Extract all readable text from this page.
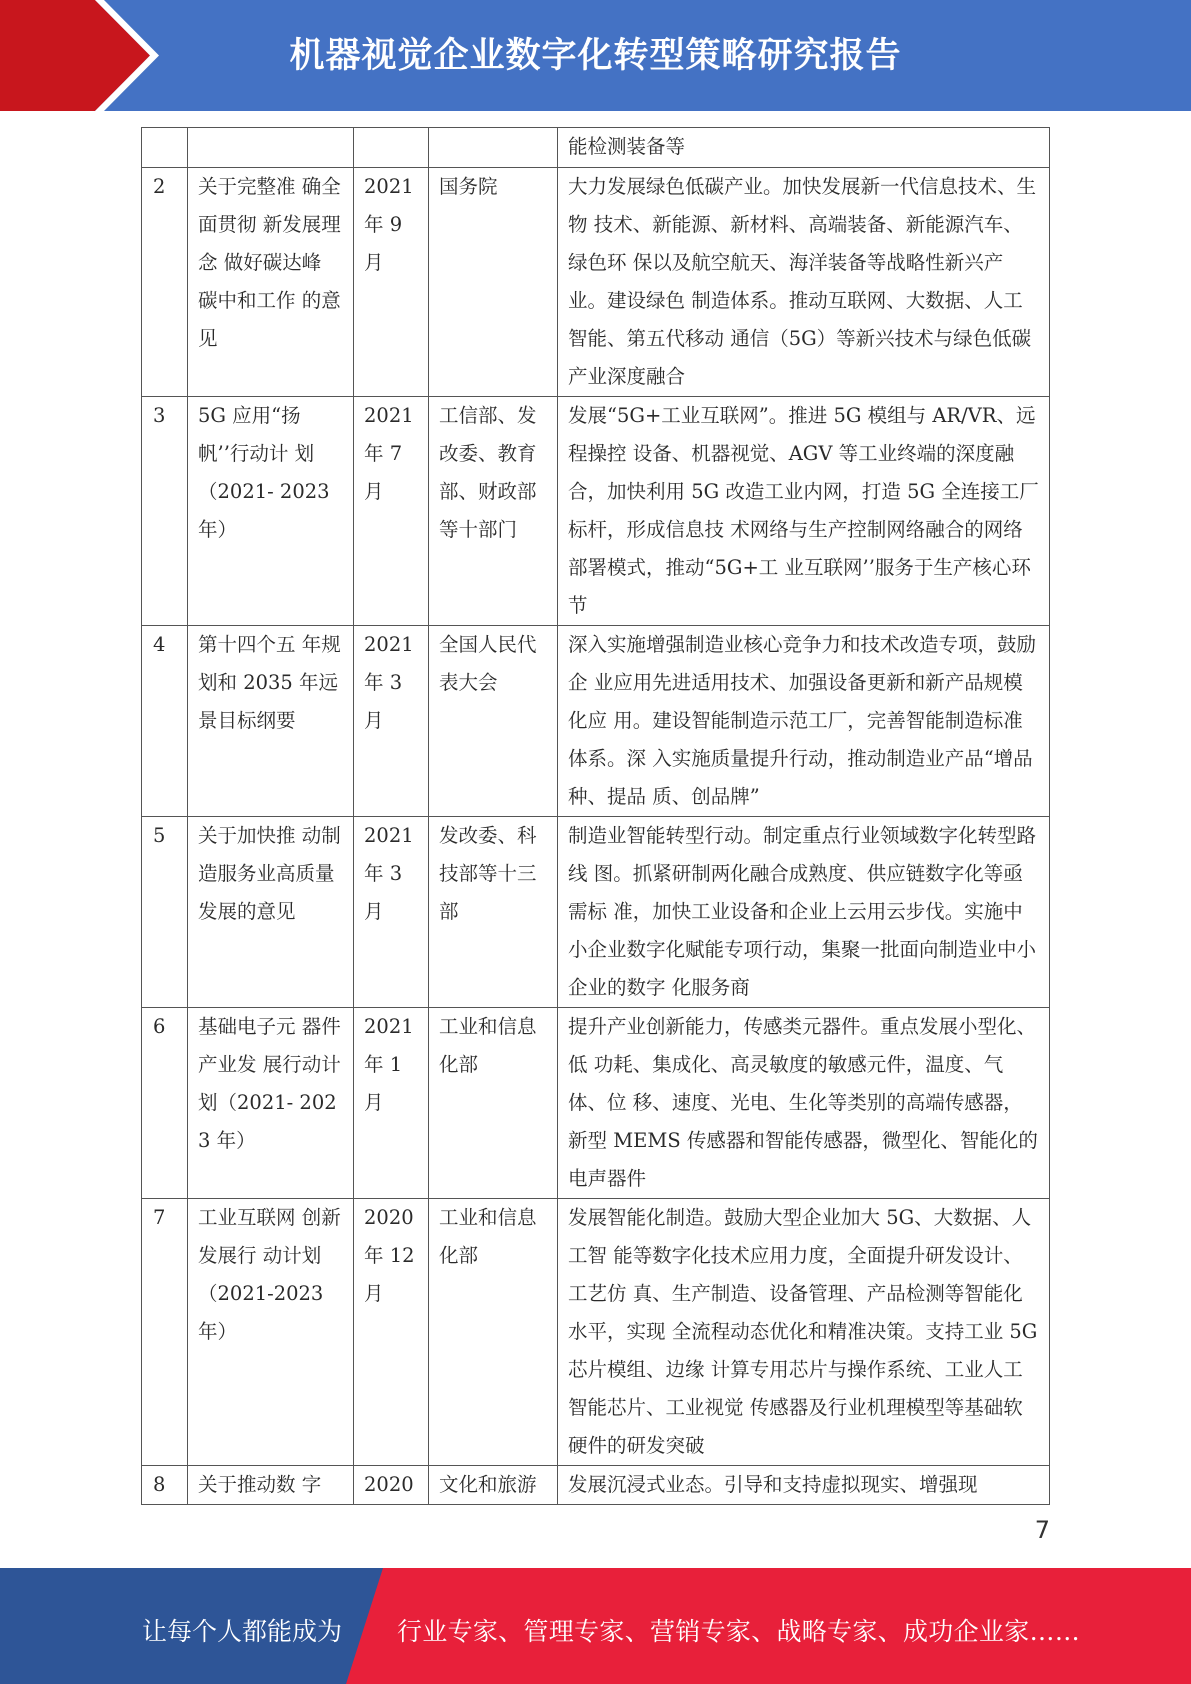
机器视觉企业数字化转型策略研究报告
				能检测装备等
2	关于完整准 确全面贯彻 新发展理念 做好碳达峰 碳中和工作 的意见	2021 年 9 月	国务院	大力发展绿色低碳产业。加快发展新一代信息技术、生物 技术、新能源、新材料、高端装备、新能源汽车、绿色环 保以及航空航天、海洋装备等战略性新兴产业。建设绿色 制造体系。推动互联网、大数据、人工智能、第五代移动 通信（5G）等新兴技术与绿色低碳产业深度融合
3	5G 应用“扬 帆’’行动计 划（2021- 2023 年）	2021 年 7 月	工信部、发改委、教育部、财政部等十部门	发展“5G+工业互联网”。推进 5G 模组与 AR/VR、远程操控 设备、机器视觉、AGV 等工业终端的深度融合，加快利用 5G 改造工业内网，打造 5G 全连接工厂标杆，形成信息技 术网络与生产控制网络融合的网络部署模式，推动“5G+工 业互联网’’服务于生产核心环节
4	第十四个五 年规划和 2035 年远 景目标纲要	2021 年 3 月	全国人民代表大会	深入实施增强制造业核心竞争力和技术改造专项，鼓励企 业应用先进适用技术、加强设备更新和新产品规模化应 用。建设智能制造示范工厂，完善智能制造标准体系。深 入实施质量提升行动，推动制造业产品“增品种、提品 质、创品牌”
5	关于加快推 动制造服务业高质量发展的意见	2021 年 3 月	发改委、科技部等十三部	制造业智能转型行动。制定重点行业领域数字化转型路线 图。抓紧研制两化融合成熟度、供应链数字化等亟需标 准，加快工业设备和企业上云用云步伐。实施中小企业数字化赋能专项行动，集聚一批面向制造业中小企业的数字 化服务商
6	基础电子元 器件产业发 展行动计划（2021- 2023 年）	2021 年 1 月	工业和信息化部	提升产业创新能力，传感类元器件。重点发展小型化、低 功耗、集成化、高灵敏度的敏感元件，温度、气体、位 移、速度、光电、生化等类别的高端传感器，新型 MEMS 传感器和智能传感器，微型化、智能化的电声器件
7	工业互联网 创新发展行 动计划（2021-2023 年）	2020 年 12 月	工业和信息化部	发展智能化制造。鼓励大型企业加大 5G、大数据、人工智 能等数字化技术应用力度，全面提升研发设计、工艺仿 真、生产制造、设备管理、产品检测等智能化水平，实现 全流程动态优化和精准决策。支持工业 5G 芯片模组、边缘 计算专用芯片与操作系统、工业人工智能芯片、工业视觉 传感器及行业机理模型等基础软硬件的研发突破
8	关于推动数 字	2020	文化和旅游	发展沉浸式业态。引导和支持虚拟现实、增强现
7
让每个人都能成为 行业专家、管理专家、营销专家、战略专家、成功企业家……
